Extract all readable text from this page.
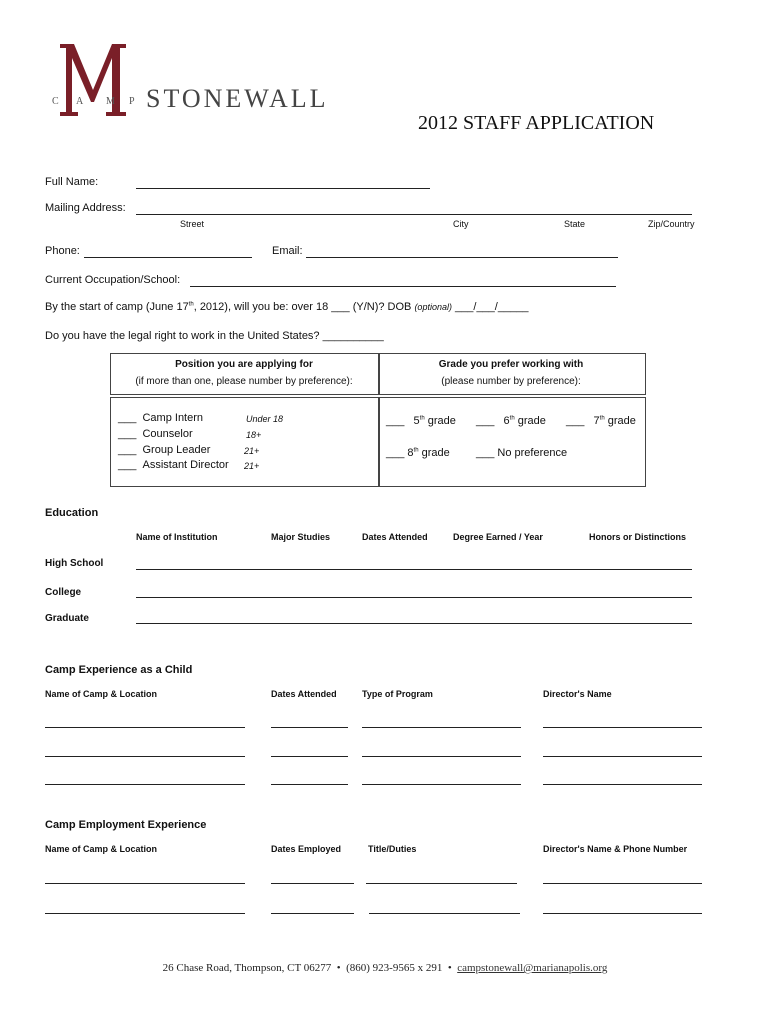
C A M P STONEWALL
2012 STAFF APPLICATION
Full Name:
Mailing Address:
Street	City	State	Zip/Country
Phone:	Email:
Current Occupation/School:
By the start of camp (June 17th, 2012), will you be: over 18 ___ (Y/N)? DOB (optional) ___/___/_____
Do you have the legal right to work in the United States? __________
Position you are applying for
(if more than one, please number by preference):
Grade you prefer working with
(please number by preference):
___ Camp Intern	Under 18
___ Counselor	18+
___ Group Leader	21+
___ Assistant Director 21+
___ 5th grade ___ 6th grade ___ 7th grade
___ 8th grade ___ No preference
Education
Name of Institution	Major Studies	Dates Attended	Degree Earned / Year	Honors or Distinctions
High School
College
Graduate
Camp Experience as a Child
Name of Camp & Location	Dates Attended	Type of Program	Director's Name
Camp Employment Experience
Name of Camp & Location	Dates Employed	Title/Duties	Director's Name & Phone Number
26 Chase Road, Thompson, CT 06277 • (860) 923-9565 x 291 • campstonewall@marianapolis.org
